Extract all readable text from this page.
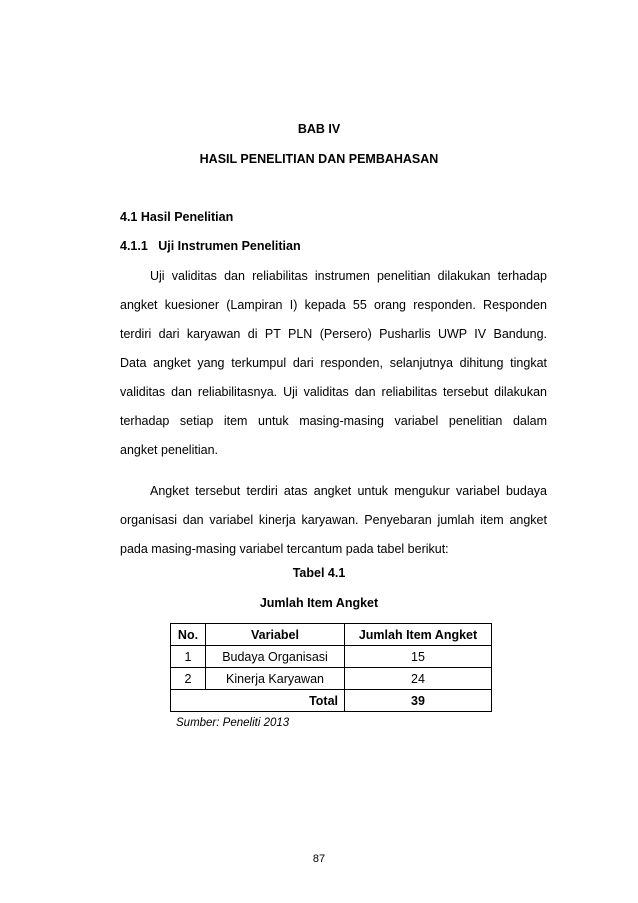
BAB IV
HASIL PENELITIAN DAN PEMBAHASAN
4.1 Hasil Penelitian
4.1.1   Uji Instrumen Penelitian
Uji validitas dan reliabilitas instrumen penelitian dilakukan terhadap
angket kuesioner (Lampiran I) kepada 55 orang responden. Responden
terdiri dari karyawan di PT PLN (Persero) Pusharlis UWP IV Bandung.
Data angket yang terkumpul dari responden, selanjutnya dihitung tingkat
validitas dan reliabilitasnya. Uji validitas dan reliabilitas tersebut dilakukan
terhadap setiap item untuk masing-masing variabel penelitian dalam
angket penelitian.
Angket tersebut terdiri atas angket untuk mengukur variabel budaya
organisasi dan variabel kinerja karyawan. Penyebaran jumlah item angket
pada masing-masing variabel tercantum pada tabel berikut:
Tabel 4.1
Jumlah Item Angket
No.	Variabel	Jumlah Item Angket
1	Budaya Organisasi	15
2	Kinerja Karyawan	24
Total		39
Sumber: Peneliti 2013
87
